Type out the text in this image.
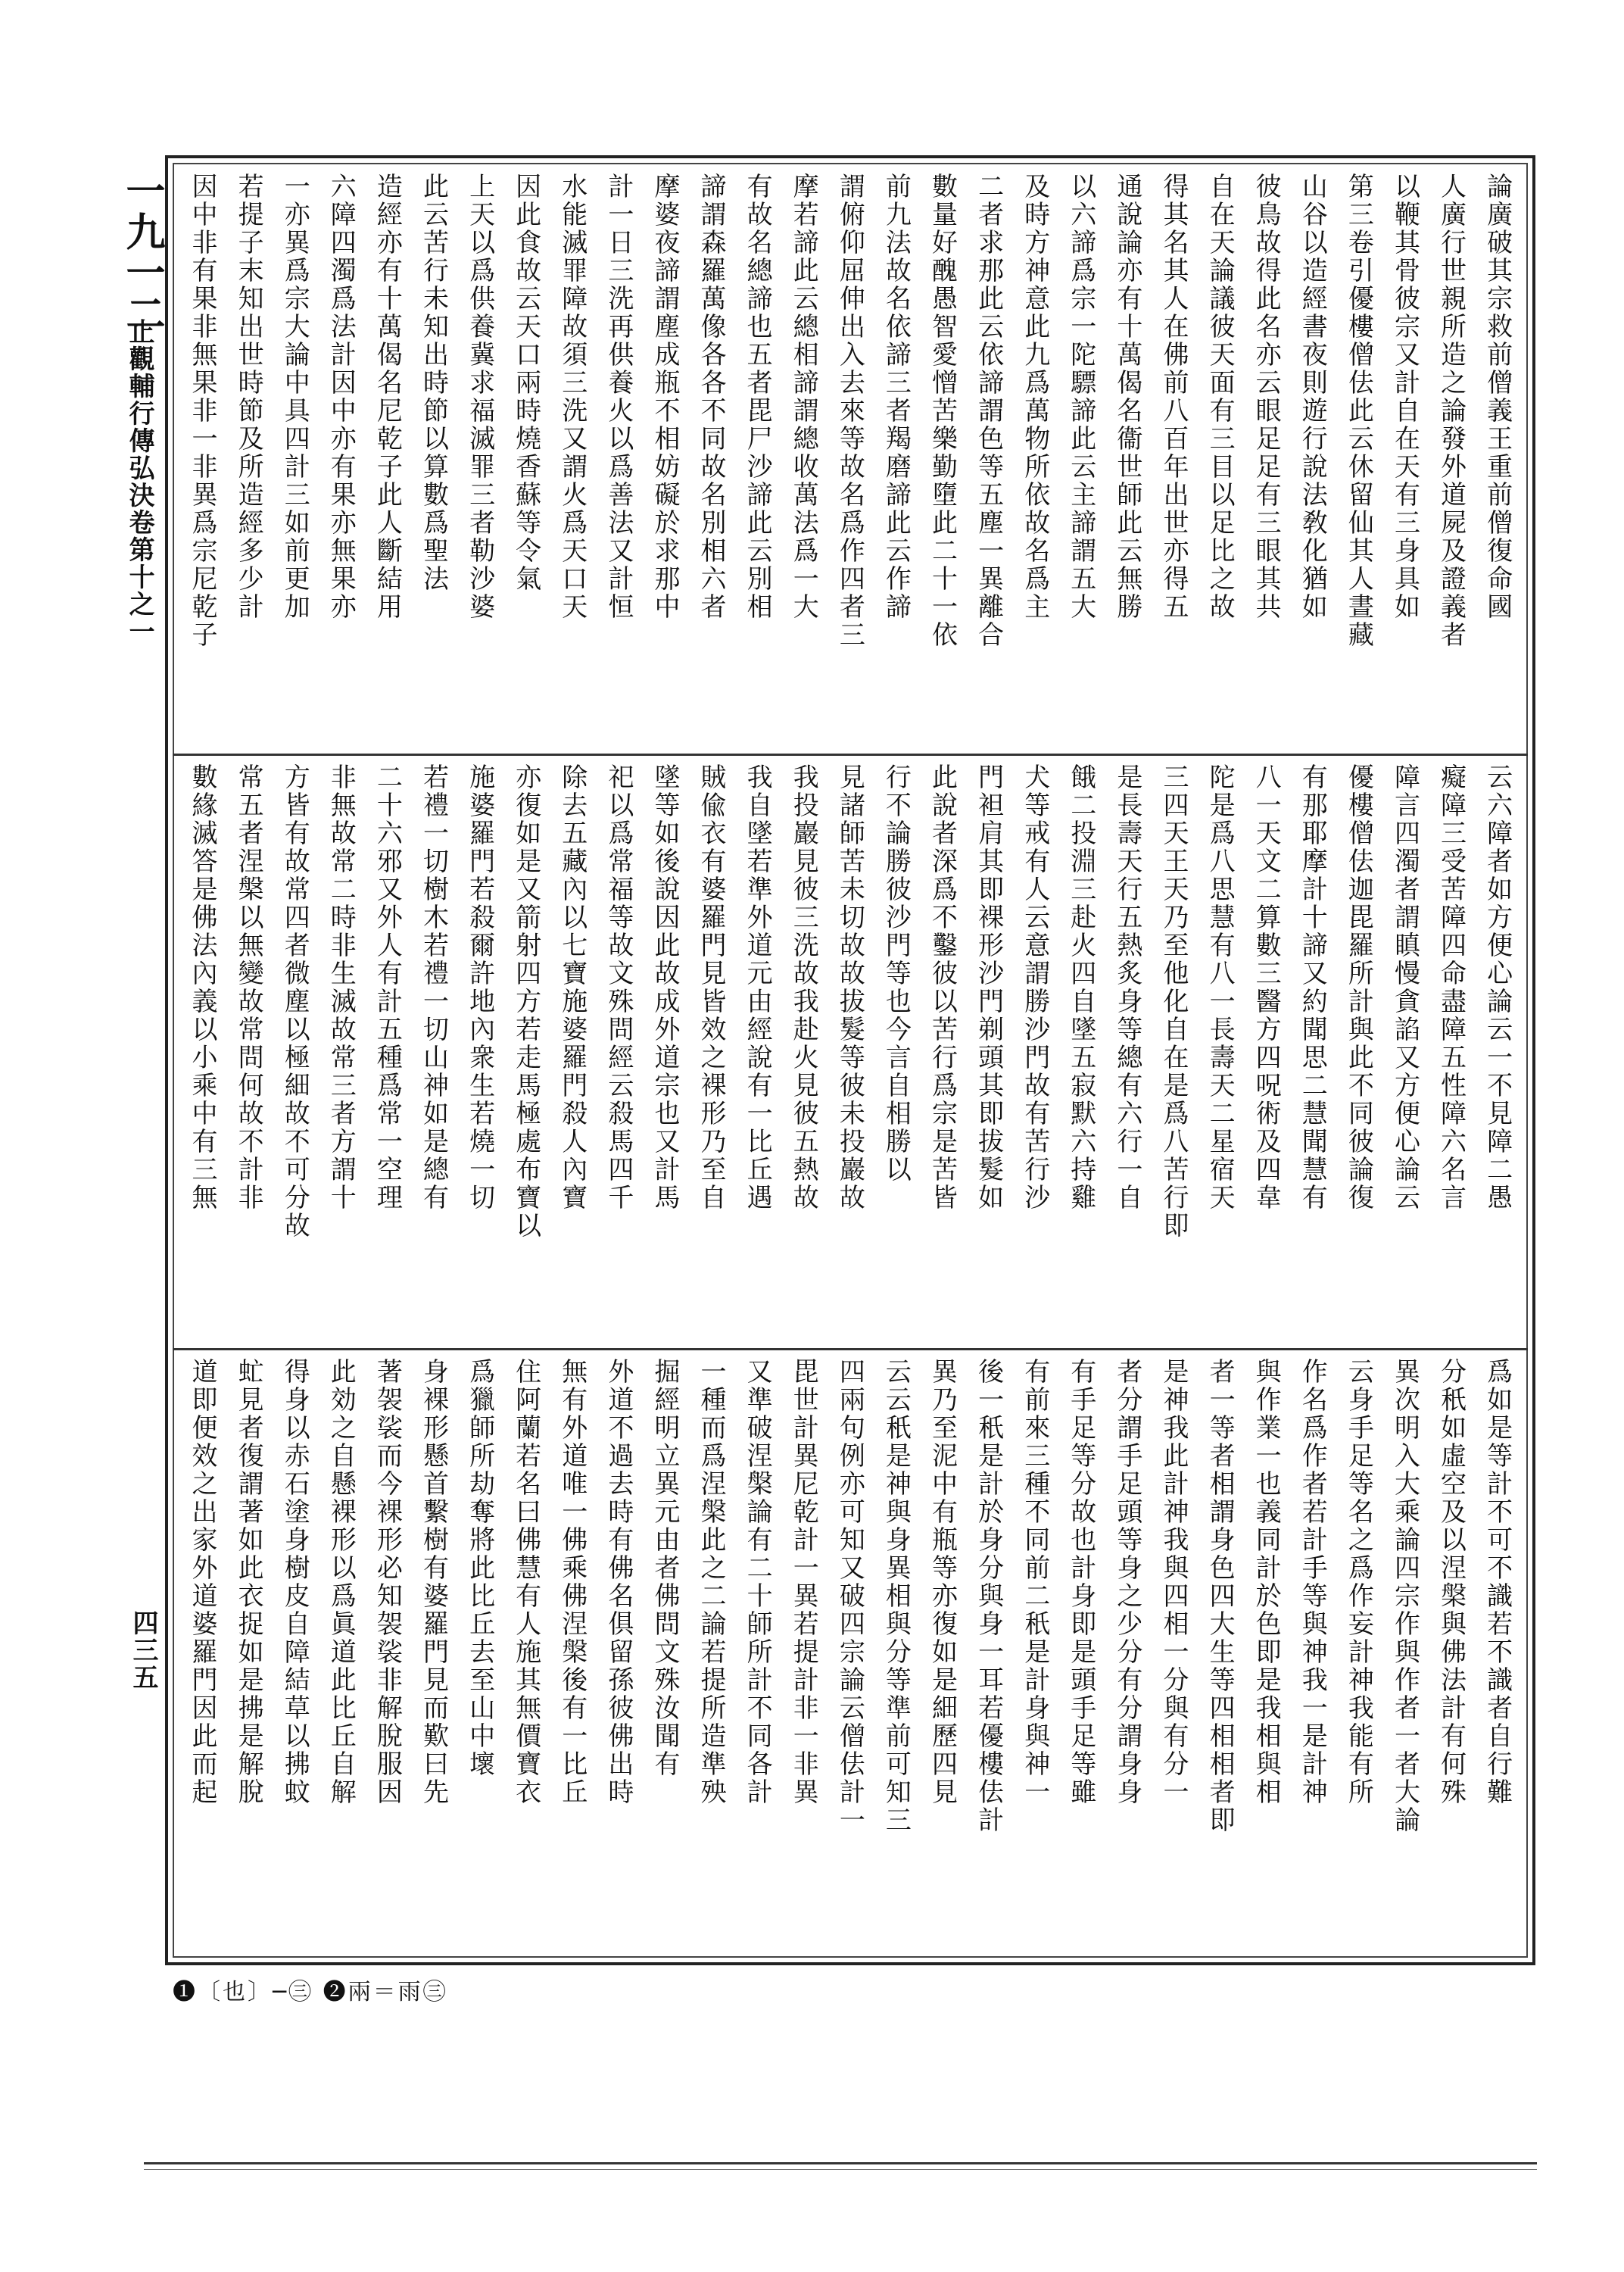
一九一二
止觀輔行傳弘決卷第十之一
四三五
論廣破其宗救前僧義王重前僧復命國
人廣行世親所造之論發外道屍及證義者
以鞭其骨彼宗又計自在天有三身具如
第三卷引優樓僧佉此云休留仙其人晝藏
山谷以造經書夜則遊行說法敎化猶如
彼鳥故得此名亦云眼足足有三眼其共
自在天論議彼天面有三目以足比之故
得其名其人在佛前八百年出世亦得五
通說論亦有十萬偈名衞世師此云無勝
以六諦爲宗一陀驃諦此云主諦謂五大
及時方神意此九爲萬物所依故名爲主
二者求那此云依諦謂色等五塵一異離合
數量好醜愚智愛憎苦樂勤墮此二十一依
前九法故名依諦三者羯磨諦此云作諦
謂俯仰屈伸出入去來等故名爲作四者三
摩若諦此云總相諦謂總收萬法爲一大
有故名總諦也五者毘尸沙諦此云別相
諦謂森羅萬像各各不同故名別相六者
摩婆夜諦謂塵成瓶不相妨礙於求那中
計一日三洗再供養火以爲善法又計恒
水能滅罪障故須三洗又謂火爲天口天
因此食故云天口兩時燒香蘇等令氣
上天以爲供養冀求福滅罪三者勒沙婆
此云苦行未知出時節以算數爲聖法
造經亦有十萬偈名尼乾子此人斷結用
六障四濁爲法計因中亦有果亦無果亦
一亦異爲宗大論中具四計三如前更加
若提子末知出世時節及所造經多少計
因中非有果非無果非一非異爲宗尼乾子
云六障者如方便心論云一不見障二愚
癡障三受苦障四命盡障五性障六名言
障言四濁者謂瞋慢貪諂又方便心論云
優樓僧佉迦毘羅所計與此不同彼論復
有那耶摩計十諦又約聞思二慧聞慧有
八一天文二算數三醫方四呪術及四韋
陀是爲八思慧有八一長壽天二星宿天
三四天王天乃至他化自在是爲八苦行即
是長壽天行五熱炙身等總有六行一自
餓二投淵三赴火四自墜五寂默六持雞
犬等戒有人云意謂勝沙門故有苦行沙
門袒肩其即裸形沙門剃頭其即拔髮如
此說者深爲不鑿彼以苦行爲宗是苦皆
行不論勝彼沙門等也今言自相勝以
見諸師苦未切故故拔髮等彼未投巖故
我投巖見彼三洗故我赴火見彼五熱故
我自墜若準外道元由經說有一比丘遇
賊偸衣有婆羅門見皆效之裸形乃至自
墜等如後說因此故成外道宗也又計馬
祀以爲常福等故文殊問經云殺馬四千
除去五藏內以七寶施婆羅門殺人內寶
亦復如是又箭射四方若走馬極處布寶以
施婆羅門若殺爾許地內衆生若燒一切
若禮一切樹木若禮一切山神如是總有
二十六邪又外人有計五種爲常一空理
非無故常二時非生滅故常三者方謂十
方皆有故常四者微塵以極細故不可分故
常五者涅槃以無變故常問何故不計非
數緣滅答是佛法內義以小乘中有三無
爲如是等計不可不識若不識者自行難
分秖如虛空及以涅槃與佛法計有何殊
異次明入大乘論四宗作與作者一者大論
云身手足等名之爲作妄計神我能有所
作名爲作者若計手等與神我一是計神
與作業一也義同計於色即是我相與相
者一等者相謂身色四大生等四相相者即
是神我此計神我與四相一分與有分一
者分謂手足頭等身之少分有分謂身身
有手足等分故也計身即是頭手足等雖
有前來三種不同前二秖是計身與神一
後一秖是計於身分與身一耳若優樓佉計
異乃至泥中有瓶等亦復如是細歷四見
云云秖是神與身異相與分等準前可知三
四兩句例亦可知又破四宗論云僧佉計一
毘世計異尼乾計一異若提計非一非異
又準破涅槃論有二十師所計不同各計
一種而爲涅槃此之二論若提所造準殃
掘經明立異元由者佛問文殊汝聞有
外道不過去時有佛名俱留孫彼佛出時
無有外道唯一佛乘佛涅槃後有一比丘
住阿蘭若名曰佛慧有人施其無價寶衣
爲獵師所劫奪將此比丘去至山中壞
身裸形懸首繫樹有婆羅門見而歎曰先
著袈裟而今裸形必知袈裟非解脫服因
此効之自懸裸形以爲眞道此比丘自解
得身以赤石塗身樹皮自障結草以拂蚊
虻見者復謂著如此衣捉如是拂是解脫
道即便效之出家外道婆羅門因此而起
❶〔也〕─㊂ ❷兩＝雨㊂
